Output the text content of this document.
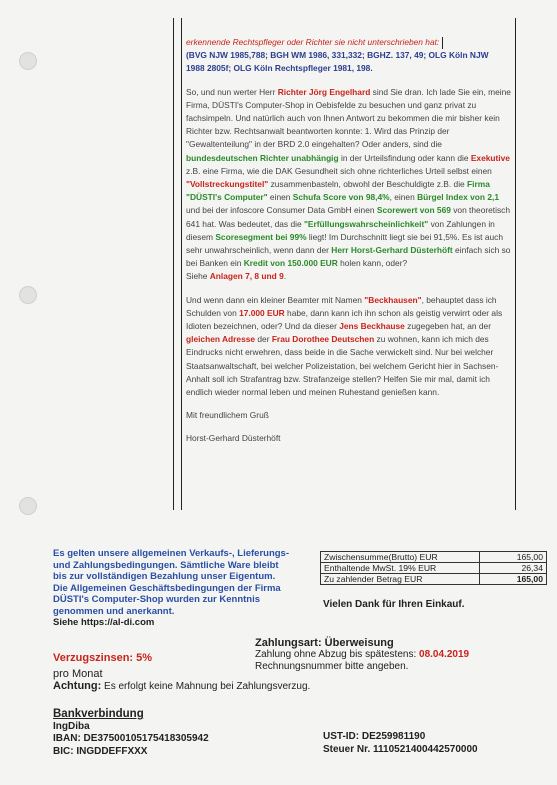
erkennende Rechtspfleger oder Richter sie nicht unterschrieben hat:

(BVG NJW 1985,788; BGH WM 1986, 331,332; BGHZ. 137, 49; OLG Köln NJW
1988 2805f; OLG Köln Rechtspfleger 1981, 198.

So, und nun werter Herr Richter Jörg Engelhard sind Sie dran. Ich lade Sie ein, meine Firma, DÜSTI's Computer-Shop in Oebisfelde zu besuchen und ganz privat zu fachsimpeln. Und natürlich auch von Ihnen Antwort zu bekommen die mir bisher kein Richter bzw. Rechtsanwalt beantworten konnte: 1. Wird das Prinzip der "Gewaltenteilung" in der BRD 2.0 eingehalten? Oder anders, sind die bundesdeutschen Richter unabhängig in der Urteilsfindung oder kann die Exekutive z.B. eine Firma, wie die DAK Gesundheit sich ohne richterliches Urteil selbst einen "Vollstreckungstitel" zusammenbasteln, obwohl der Beschuldigte z.B. die Firma "DÜSTI's Computer" einen Schufa Score von 98,4%, einen Bürgel Index von 2,1 und bei der infoscore Consumer Data GmbH einen Scorewert von 569 von theoretisch 641 hat. Was bedeutet, das die "Erfüllungswahrscheinlichkeit" von Zahlungen in diesem Scoresegment bei 99% liegt! Im Durchschnitt liegt sie bei 91,5%. Es ist auch sehr unwahrscheinlich, wenn dann der Herr Horst-Gerhard Düsterhöft einfach sich so bei Banken ein Kredit von 150.000 EUR holen kann, oder?

Siehe Anlagen 7, 8 und 9.

Und wenn dann ein kleiner Beamter mit Namen "Beckhausen", behauptet dass ich Schulden von 17.000 EUR habe, dann kann ich ihn schon als geistig verwirrt oder als Idioten bezeichnen, oder? Und da dieser Jens Beckhause zugegeben hat, an der gleichen Adresse der Frau Dorothee Deutschen zu wohnen, kann ich mich des Eindrucks nicht erwehren, dass beide in die Sache verwickelt sind. Nur bei welcher Staatsanwaltschaft, bei welcher Polizeistation, bei welchem Gericht hier in Sachsen-Anhalt soll ich Strafantrag bzw. Strafanzeige stellen? Helfen Sie mir mal, damit ich endlich wieder normal leben und meinen Ruhestand genießen kann.

Mit freundlichem Gruß

Horst-Gerhard Düsterhöft

Es gelten unsere allgemeinen Verkaufs-, Lieferungs-
und Zahlungsbedingungen. Sämtliche Ware bleibt
bis zur vollständigen Bezahlung unser Eigentum.
Die Allgemeinen Geschäftsbedingungen der Firma
DÜSTI's Computer-Shop wurden zur Kenntnis
genommen und anerkannt.
Siehe https://al-di.com
Zwischensumme(Brutto) EUR	165,00
Enthaltende MwSt. 19% EUR	26,34
Zu zahlender Betrag EUR	165,00
Vielen Dank für Ihren Einkauf.
Zahlungsart: Überweisung
Zahlung ohne Abzug bis spätestens: 08.04.2019
Rechnungsnummer bitte angeben.
Verzugszinsen: 5%
pro Monat
Achtung: Es erfolgt keine Mahnung bei Zahlungsverzug.
Bankverbindung
IngDiba
IBAN: DE37500105175418305942
BIC: INGDDEFFXXX
UST-ID: DE259981190
Steuer Nr. 1110521400442570000
